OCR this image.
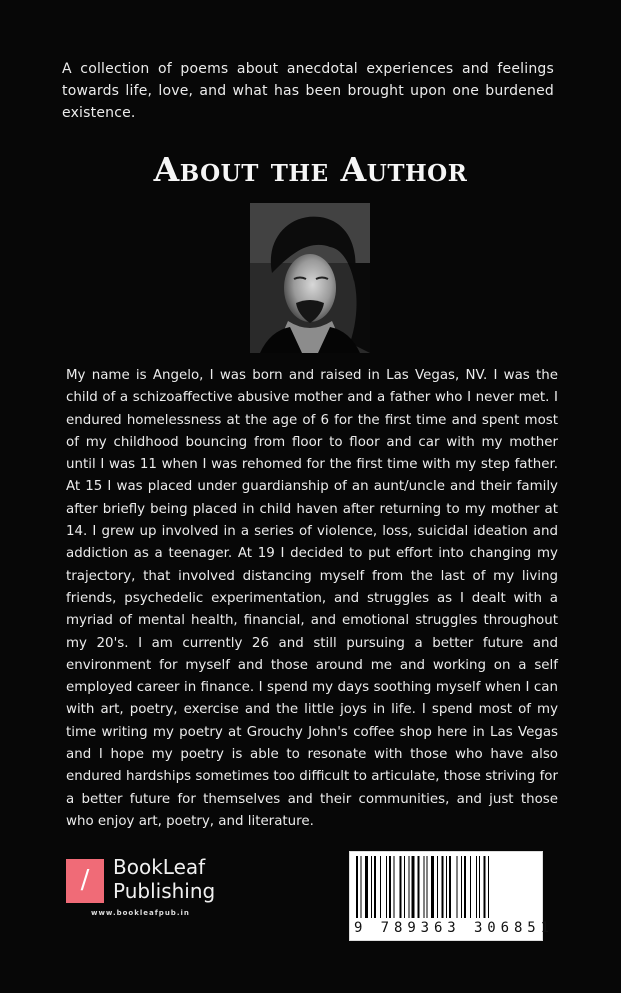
A collection of poems about anecdotal experiences and feelings towards life, love, and what has been brought upon one burdened existence.

About the Author

My name is Angelo, I was born and raised in Las Vegas, NV. I was the child of a schizoaffective abusive mother and a father who I never met. I endured homelessness at the age of 6 for the first time and spent most of my childhood bouncing from floor to floor and car with my mother until I was 11 when I was rehomed for the first time with my step father. At 15 I was placed under guardianship of an aunt/uncle and their family after briefly being placed in child haven after returning to my mother at 14. I grew up involved in a series of violence, loss, suicidal ideation and addiction as a teenager. At 19 I decided to put effort into changing my trajectory, that involved distancing myself from the last of my living friends, psychedelic experimentation, and struggles as I dealt with a myriad of mental health, financial, and emotional struggles throughout my 20's. I am currently 26 and still pursuing a better future and environment for myself and those around me and working on a self employed career in finance. I spend my days soothing myself when I can with art, poetry, exercise and the little joys in life. I spend most of my time writing my poetry at Grouchy John's coffee shop here in Las Vegas and I hope my poetry is able to resonate with those who have also endured hardships sometimes too difficult to articulate, those striving for a better future for themselves and their communities, and just those who enjoy art, poetry, and literature.

/	BookLeaf
Publishing
www.bookleafpub.in
9 789363 306851
